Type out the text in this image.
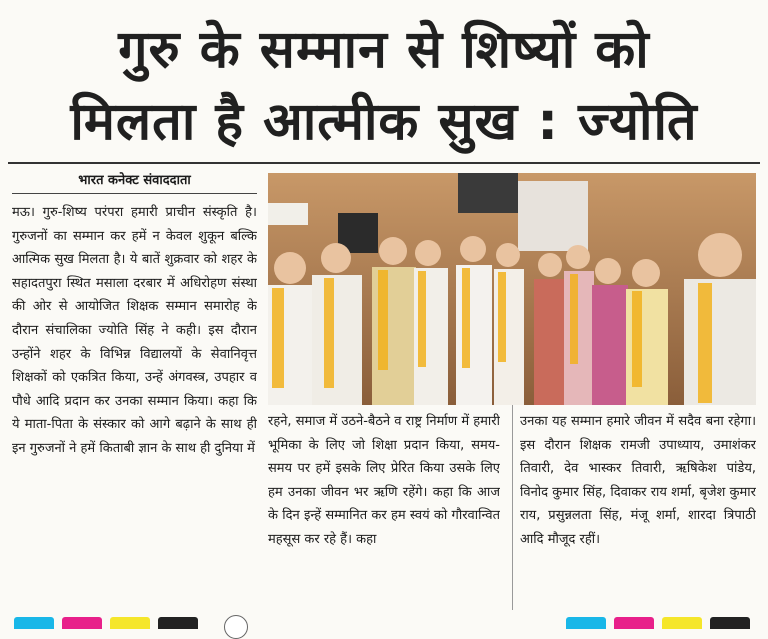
गुरु के सम्मान से शिष्यों को
मिलता है आत्मीक सुख : ज्योति
भारत कनेक्ट संवाददाता
मऊ। गुरु-शिष्य परंपरा हमारी प्राचीन संस्कृति है। गुरुजनों का सम्मान कर हमें न केवल शुकून बल्कि आत्मिक सुख मिलता है। ये बातें शुक्रवार को शहर के सहादतपुरा स्थित मसाला दरबार में अधिरोहण संस्था की ओर से आयोजित शिक्षक सम्मान समारोह के दौरान संचालिका ज्योति सिंह ने कही। इस दौरान उन्होंने शहर के विभिन्न विद्यालयों के सेवानिवृत्त शिक्षकों को एकत्रित किया, उन्हें अंगवस्त्र, उपहार व पौधे आदि प्रदान कर उनका सम्मान किया। कहा कि ये माता-पिता के संस्कार को आगे बढ़ाने के साथ ही इन गुरुजनों ने हमें किताबी ज्ञान के साथ ही दुनिया में
रहने, समाज में उठने-बैठने व राष्ट्र निर्माण में हमारी भूमिका के लिए जो शिक्षा प्रदान किया, समय-समय पर हमें इसके लिए प्रेरित किया उसके लिए हम उनका जीवन भर ऋणि रहेंगे। कहा कि आज के दिन इन्हें सम्मानित कर हम स्वयं को गौरवान्वित महसूस कर रहे हैं। कहा
उनका यह सम्मान हमारे जीवन में सदैव बना रहेगा। इस दौरान शिक्षक रामजी उपाध्याय, उमाशंकर तिवारी, देव भास्कर तिवारी, ऋषिकेश पांडेय, विनोद कुमार सिंह, दिवाकर राय शर्मा, बृजेश कुमार राय, प्रसुन्नलता सिंह, मंजू शर्मा, शारदा त्रिपाठी आदि मौजूद रहीं।
